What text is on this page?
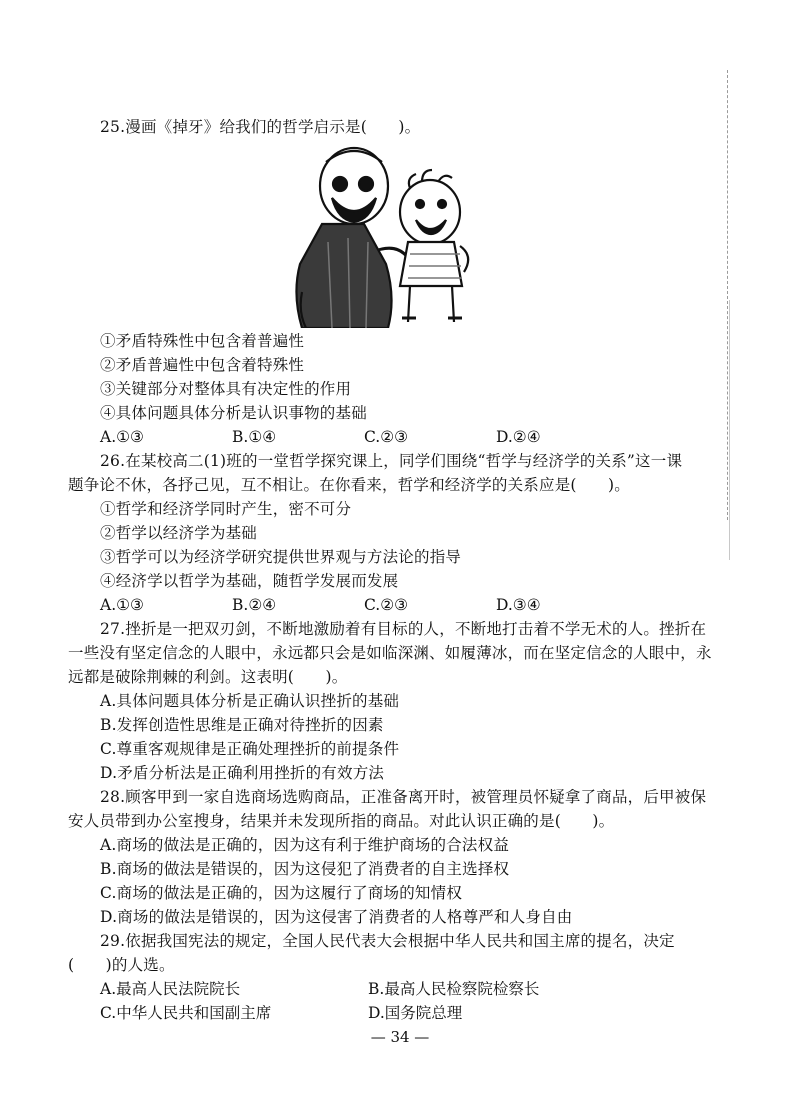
25.漫画《掉牙》给我们的哲学启示是(　　)。
①矛盾特殊性中包含着普遍性
②矛盾普遍性中包含着特殊性
③关键部分对整体具有决定性的作用
④具体问题具体分析是认识事物的基础
A.①③	B.①④	C.②③	D.②④
26.在某校高二(1)班的一堂哲学探究课上，同学们围绕“哲学与经济学的关系”这一课
题争论不休，各抒己见，互不相让。在你看来，哲学和经济学的关系应是(　　)。
①哲学和经济学同时产生，密不可分
②哲学以经济学为基础
③哲学可以为经济学研究提供世界观与方法论的指导
④经济学以哲学为基础，随哲学发展而发展
A.①③	B.②④	C.②③	D.③④
27.挫折是一把双刃剑，不断地激励着有目标的人，不断地打击着不学无术的人。挫折在
一些没有坚定信念的人眼中，永远都只会是如临深渊、如履薄冰，而在坚定信念的人眼中，永
远都是破除荆棘的利剑。这表明(　　)。
A.具体问题具体分析是正确认识挫折的基础
B.发挥创造性思维是正确对待挫折的因素
C.尊重客观规律是正确处理挫折的前提条件
D.矛盾分析法是正确利用挫折的有效方法
28.顾客甲到一家自选商场选购商品，正准备离开时，被管理员怀疑拿了商品，后甲被保
安人员带到办公室搜身，结果并未发现所指的商品。对此认识正确的是(　　)。
A.商场的做法是正确的，因为这有利于维护商场的合法权益
B.商场的做法是错误的，因为这侵犯了消费者的自主选择权
C.商场的做法是正确的，因为这履行了商场的知情权
D.商场的做法是错误的，因为这侵害了消费者的人格尊严和人身自由
29.依据我国宪法的规定，全国人民代表大会根据中华人民共和国主席的提名，决定
(　　)的人选。
A.最高人民法院院长	B.最高人民检察院检察长
C.中华人民共和国副主席	D.国务院总理
— 34 —
